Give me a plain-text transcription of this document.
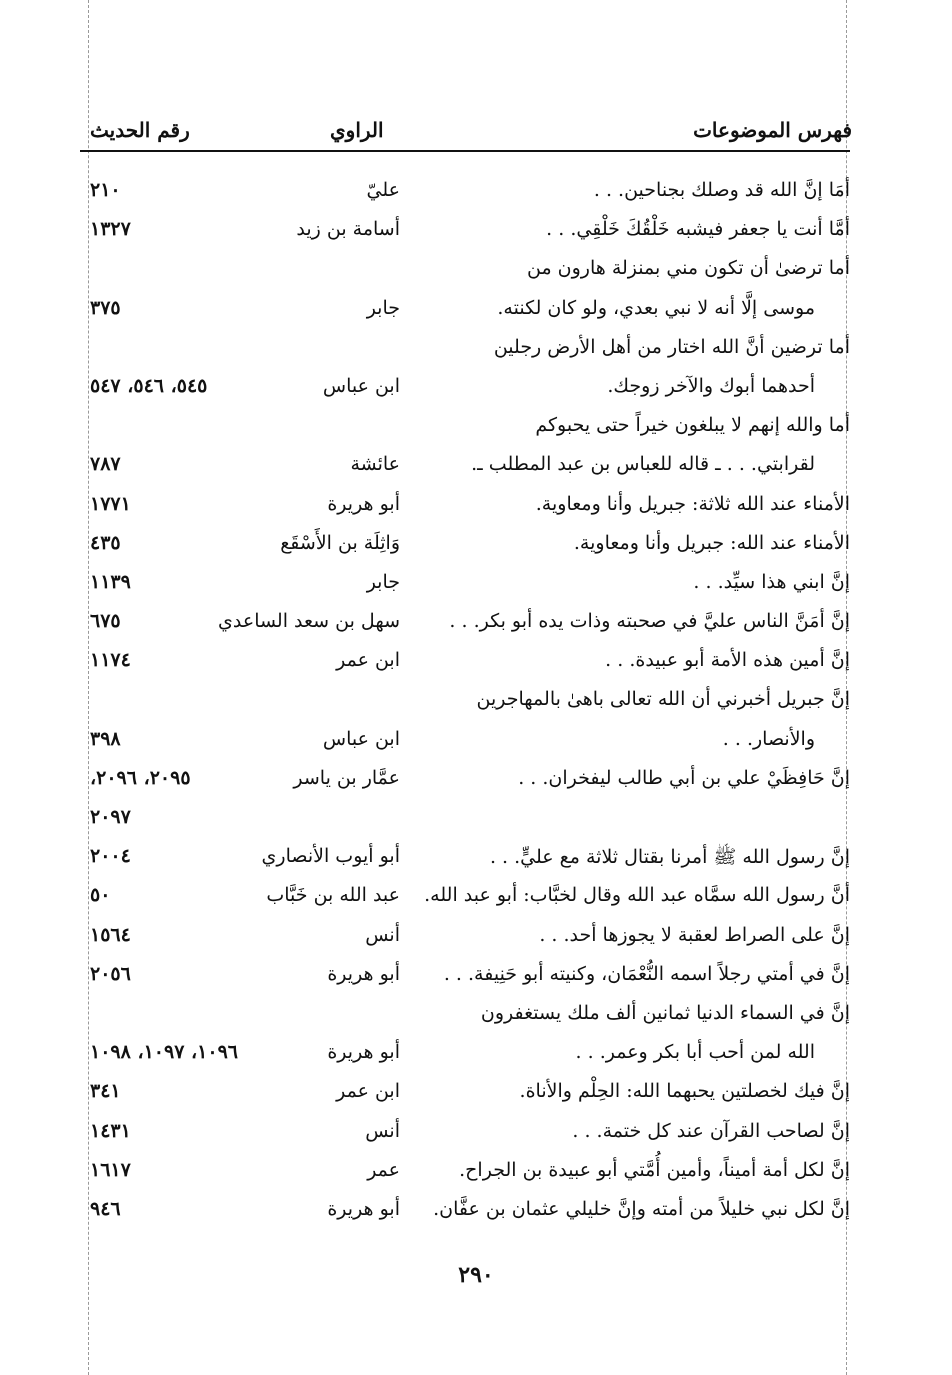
فهرس الموضوعات
الراوي
رقم الحديث
أمَا إنَّ الله قد وصلك بجناحين. . .
عليّ
٢١٠
أمَّا أنت يا جعفر فيشبه خَلْقُكَ خَلْقِي. . .
أسامة بن زيد
١٣٢٧
أما ترضىٰ أن تكون مني بمنزلة هارون من
موسى إلَّا أنه لا نبي بعدي، ولو كان لكنته.
جابر
٣٧٥
أما ترضين أنَّ الله اختار من أهل الأرض رجلين
أحدهما أبوك والآخر زوجك.
ابن عباس
٥٤٥، ٥٤٦، ٥٤٧
أما والله إنهم لا يبلغون خيراً حتى يحبوكم
لقرابتي. . . ـ قاله للعباس بن عبد المطلب ـ.
عائشة
٧٨٧
الأمناء عند الله ثلاثة: جبريل وأنا ومعاوية.
أبو هريرة
١٧٧١
الأمناء عند الله: جبريل وأنا ومعاوية.
وَاثِلَة بن الأَسْقَع
٤٣٥
إنَّ ابني هذا سيِّد. . .
جابر
١١٣٩
إنَّ أمَنَّ الناس عليَّ في صحبته وذات يده أبو بكر. . .
سهل بن سعد الساعدي
٦٧٥
إنَّ أمين هذه الأمة أبو عبيدة. . .
ابن عمر
١١٧٤
إنَّ جبريل أخبرني أن الله تعالى باهىٰ بالمهاجرين
والأنصار. . .
ابن عباس
٣٩٨
إنَّ حَافِظَيْ علي بن أبي طالب ليفخران. . .
عمَّار بن ياسر
٢٠٩٥، ٢٠٩٦،
٢٠٩٧
إنَّ رسول الله ﷺ أمرنا بقتال ثلاثة مع عليٍّ. . .
أبو أيوب الأنصاري
٢٠٠٤
أنَّ رسول الله سمَّاه عبد الله وقال لخبَّاب: أبو عبد الله.
عبد الله بن خَبَّاب
٥٠
إنَّ على الصراط لعقبة لا يجوزها أحد. . .
أنس
١٥٦٤
إنَّ في أمتي رجلاً اسمه النُّعْمَان، وكنيته أبو حَنِيفة. . .
أبو هريرة
٢٠٥٦
إنَّ في السماء الدنيا ثمانين ألف ملك يستغفرون
الله لمن أحب أبا بكر وعمر. . .
أبو هريرة
١٠٩٦، ١٠٩٧، ١٠٩٨
إنَّ فيك لخصلتين يحبهما الله: الحِلْم والأناة.
ابن عمر
٣٤١
إنَّ لصاحب القرآن عند كل ختمة. . .
أنس
١٤٣١
إنَّ لكل أمة أميناً، وأمين أُمَّتي أبو عبيدة بن الجراح.
عمر
١٦١٧
إنَّ لكل نبي خليلاً من أمته وإنَّ خليلي عثمان بن عفَّان.
أبو هريرة
٩٤٦
٢٩٠
